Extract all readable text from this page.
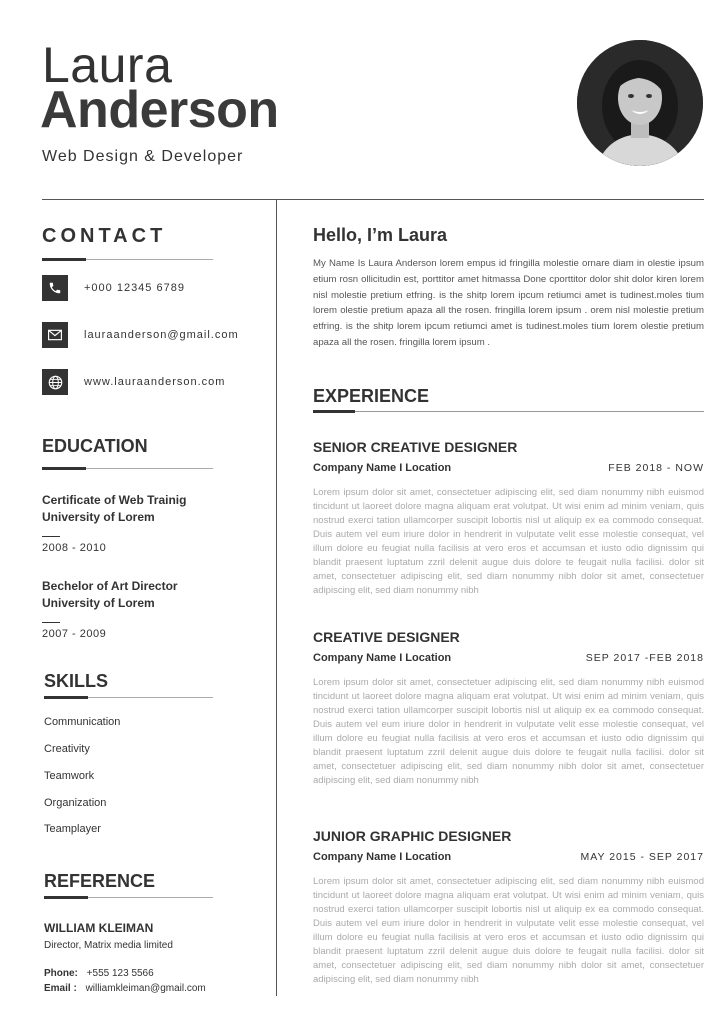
Laura
Anderson
Web Design & Developer
CONTACT
+000 12345 6789
lauraanderson@gmail.com
www.lauraanderson.com
EDUCATION
Certificate of Web Trainig
University of Lorem
2008 - 2010
Bechelor of Art Director
University of Lorem
2007 - 2009
SKILLS
Communication
Creativity
Teamwork
Organization
Teamplayer
REFERENCE
WILLIAM KLEIMAN
Director, Matrix media limited
Phone: +555 123 5566
Email : williamkleiman@gmail.com
Hello, I’m Laura
My Name Is Laura Anderson lorem empus id fringilla molestie ornare diam in olestie ipsum etium rosn ollicitudin est, porttitor amet hitmassa Done cporttitor dolor shit dolor kiren lorem nisl molestie pretium etfring. is the shitp lorem ipcum retiumci amet is tudinest.moles tium lorem olestie pretium apaza all the rosen. fringilla lorem ipsum . orem nisl molestie pretium etfring. is the shitp lorem ipcum retiumci amet is tudinest.moles tium lorem olestie pretium apaza all the rosen. fringilla lorem ipsum .
EXPERIENCE
SENIOR CREATIVE DESIGNER
Company Name I Location	FEB 2018 - NOW
Lorem ipsum dolor sit amet, consectetuer adipiscing elit, sed diam nonummy nibh euismod tincidunt ut laoreet dolore magna aliquam erat volutpat. Ut wisi enim ad minim veniam, quis nostrud exerci tation ullamcorper suscipit lobortis nisl ut aliquip ex ea commodo consequat. Duis autem vel eum iriure dolor in hendrerit in vulputate velit esse molestie consequat, vel illum dolore eu feugiat nulla facilisis at vero eros et accumsan et iusto odio dignissim qui blandit praesent luptatum zzril delenit augue duis dolore te feugait nulla facilisi. dolor sit amet, consectetuer adipiscing elit, sed diam nonummy nibh dolor sit amet, consectetuer adipiscing elit, sed diam nonummy nibh
CREATIVE DESIGNER
Company Name I Location	SEP 2017 -FEB 2018
Lorem ipsum dolor sit amet, consectetuer adipiscing elit, sed diam nonummy nibh euismod tincidunt ut laoreet dolore magna aliquam erat volutpat. Ut wisi enim ad minim veniam, quis nostrud exerci tation ullamcorper suscipit lobortis nisl ut aliquip ex ea commodo consequat. Duis autem vel eum iriure dolor in hendrerit in vulputate velit esse molestie consequat, vel illum dolore eu feugiat nulla facilisis at vero eros et accumsan et iusto odio dignissim qui blandit praesent luptatum zzril delenit augue duis dolore te feugait nulla facilisi. dolor sit amet, consectetuer adipiscing elit, sed diam nonummy nibh dolor sit amet, consectetuer adipiscing elit, sed diam nonummy nibh
JUNIOR GRAPHIC DESIGNER
Company Name I Location	MAY 2015 - SEP 2017
Lorem ipsum dolor sit amet, consectetuer adipiscing elit, sed diam nonummy nibh euismod tincidunt ut laoreet dolore magna aliquam erat volutpat. Ut wisi enim ad minim veniam, quis nostrud exerci tation ullamcorper suscipit lobortis nisl ut aliquip ex ea commodo consequat. Duis autem vel eum iriure dolor in hendrerit in vulputate velit esse molestie consequat, vel illum dolore eu feugiat nulla facilisis at vero eros et accumsan et iusto odio dignissim qui blandit praesent luptatum zzril delenit augue duis dolore te feugait nulla facilisi. dolor sit amet, consectetuer adipiscing elit, sed diam nonummy nibh dolor sit amet, consectetuer adipiscing elit, sed diam nonummy nibh
